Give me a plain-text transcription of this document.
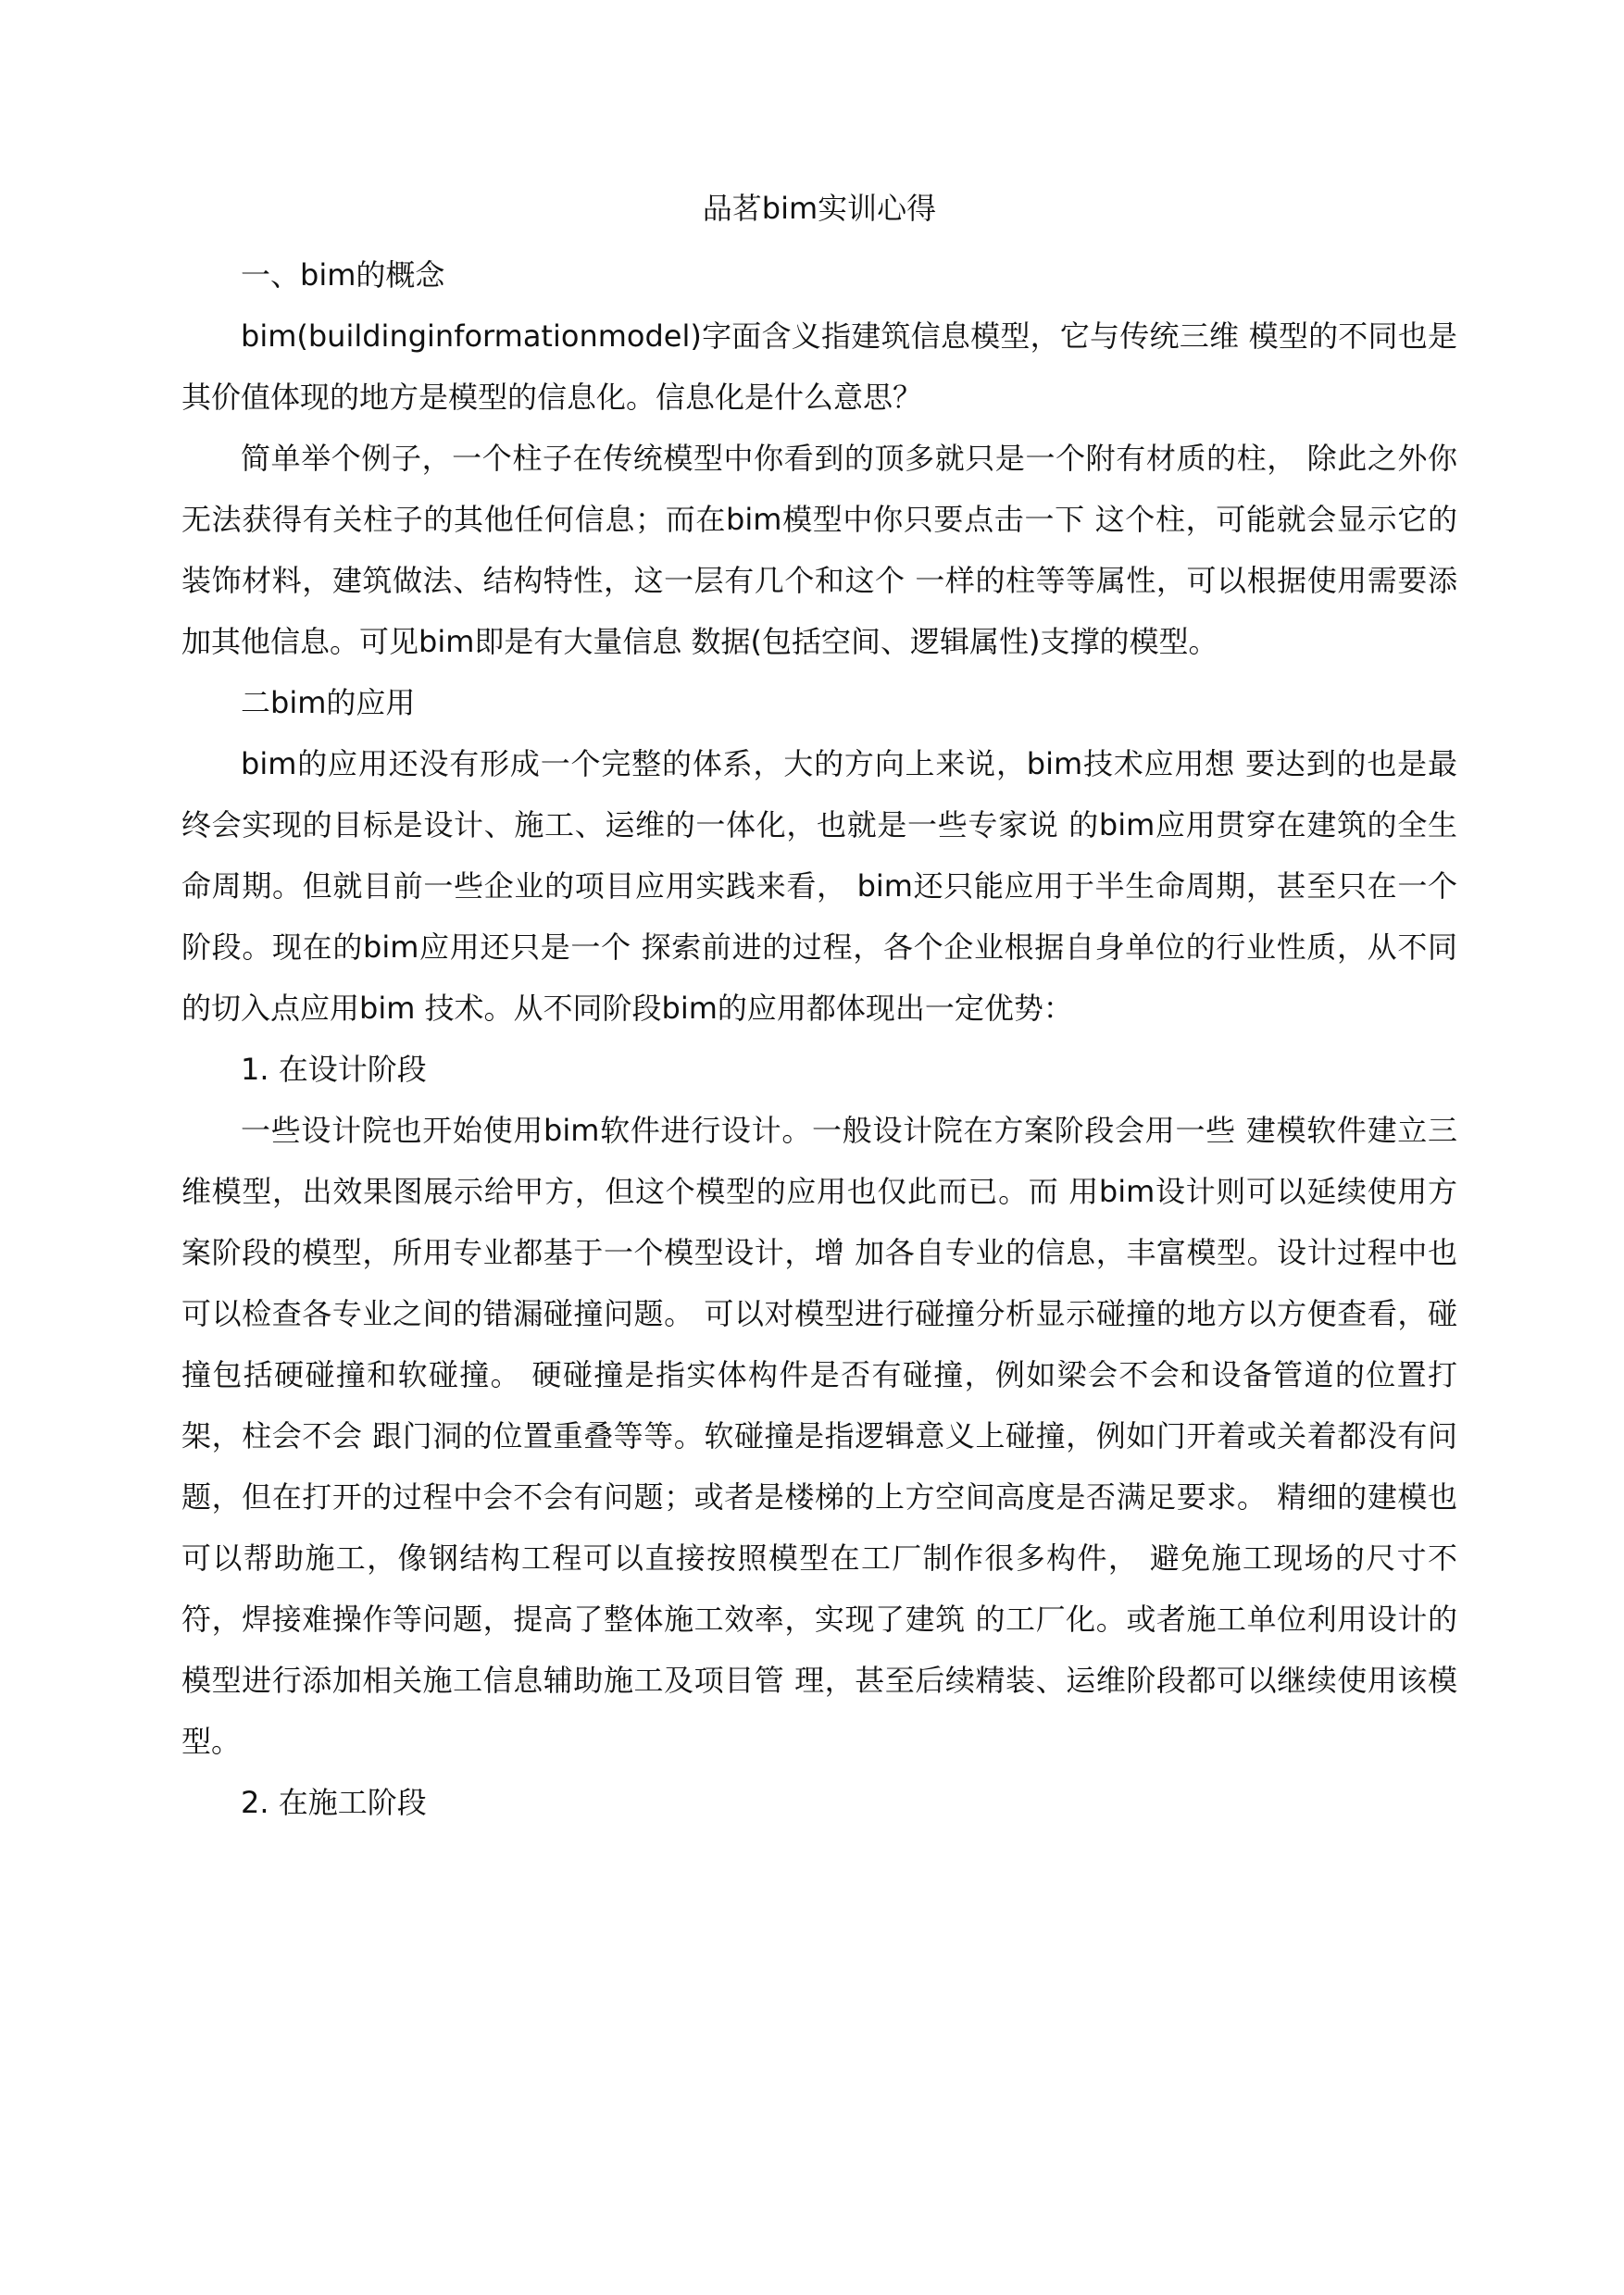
品茗bim实训心得

一、bim的概念

bim(buildinginformationmodel)字面含义指建筑信息模型，它与传统三维 模型的不同也是其价值体现的地方是模型的信息化。信息化是什么意思？

简单举个例子，一个柱子在传统模型中你看到的顶多就只是一个附有材质的柱， 除此之外你无法获得有关柱子的其他任何信息；而在bim模型中你只要点击一下 这个柱，可能就会显示它的装饰材料，建筑做法、结构特性，这一层有几个和这个 一样的柱等等属性，可以根据使用需要添加其他信息。可见bim即是有大量信息 数据(包括空间、逻辑属性)支撑的模型。

二bim的应用

bim的应用还没有形成一个完整的体系，大的方向上来说，bim技术应用想 要达到的也是最终会实现的目标是设计、施工、运维的一体化，也就是一些专家说 的bim应用贯穿在建筑的全生命周期。但就目前一些企业的项目应用实践来看， bim还只能应用于半生命周期，甚至只在一个阶段。现在的bim应用还只是一个 探索前进的过程，各个企业根据自身单位的行业性质，从不同的切入点应用bim 技术。从不同阶段bim的应用都体现出一定优势：

1. 在设计阶段

一些设计院也开始使用bim软件进行设计。一般设计院在方案阶段会用一些 建模软件建立三维模型，出效果图展示给甲方，但这个模型的应用也仅此而已。而 用bim设计则可以延续使用方案阶段的模型，所用专业都基于一个模型设计，增 加各自专业的信息，丰富模型。设计过程中也可以检查各专业之间的错漏碰撞问题。 可以对模型进行碰撞分析显示碰撞的地方以方便查看，碰撞包括硬碰撞和软碰撞。 硬碰撞是指实体构件是否有碰撞，例如梁会不会和设备管道的位置打架，柱会不会 跟门洞的位置重叠等等。软碰撞是指逻辑意义上碰撞，例如门开着或关着都没有问 题，但在打开的过程中会不会有问题；或者是楼梯的上方空间高度是否满足要求。 精细的建模也可以帮助施工，像钢结构工程可以直接按照模型在工厂制作很多构件， 避免施工现场的尺寸不符，焊接难操作等问题，提高了整体施工效率，实现了建筑 的工厂化。或者施工单位利用设计的模型进行添加相关施工信息辅助施工及项目管 理，甚至后续精装、运维阶段都可以继续使用该模型。

2. 在施工阶段
